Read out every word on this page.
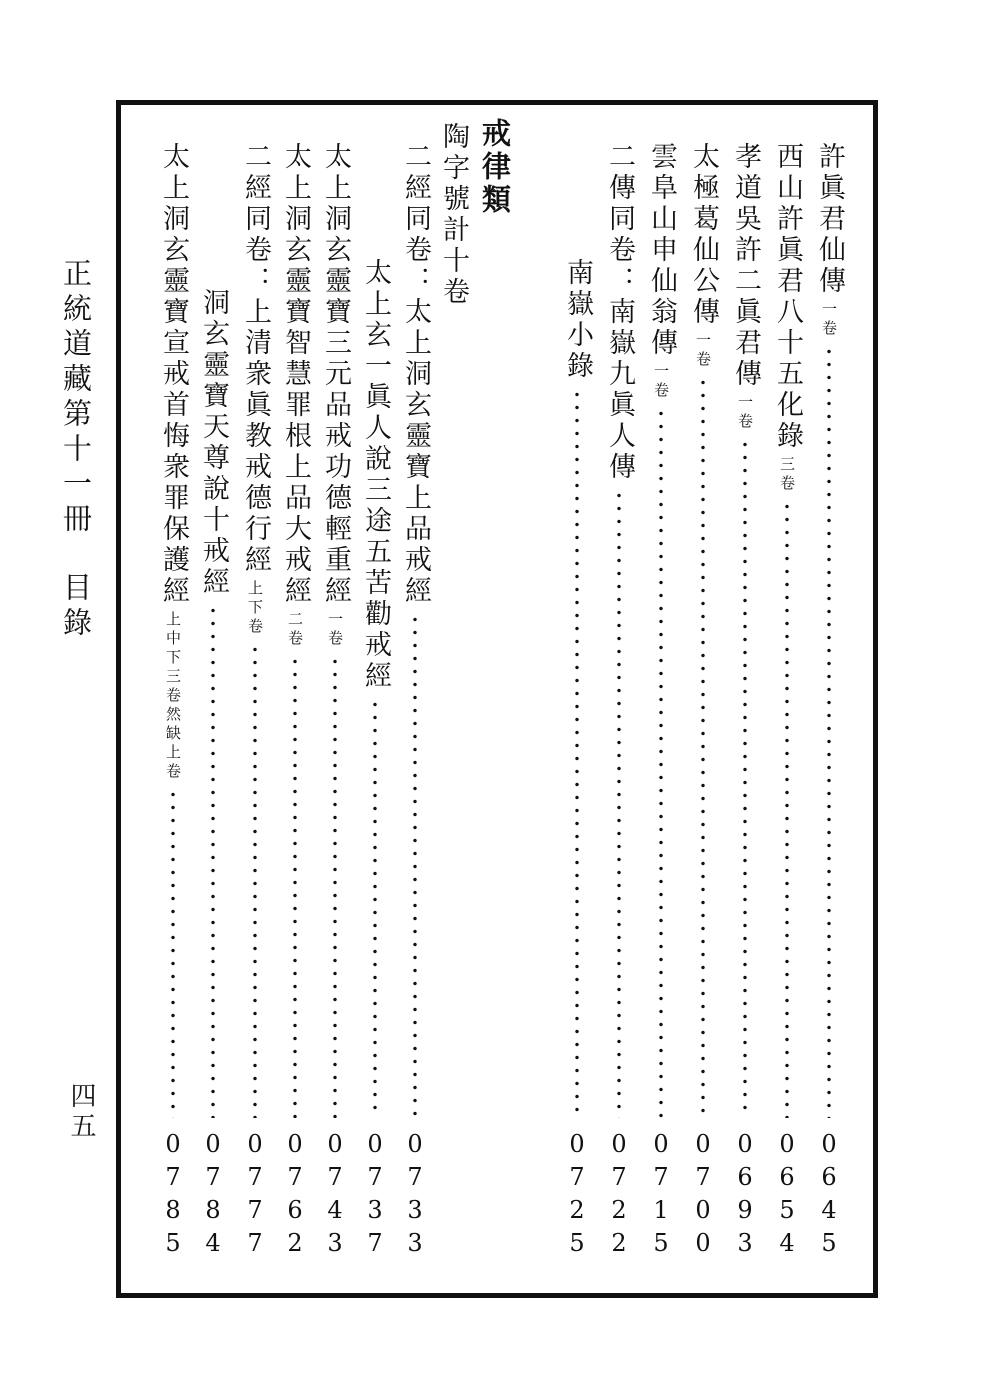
正統道藏第十一冊目錄
四五
許眞君仙傳
一卷
0
6
4
5
西山許眞君八十五化錄
三卷
0
6
5
4
孝道吳許二眞君傳
一卷
0
6
9
3
太極葛仙公傳
一卷
0
7
0
0
雲阜山申仙翁傳
一卷
0
7
1
5
二傳同卷：南嶽九眞人傳
0
7
2
2
南嶽小錄
0
7
2
5
戒律類
陶字號計十卷
二經同卷：太上洞玄靈寶上品戒經
0
7
3
3
太上玄一眞人說三途五苦勸戒經
0
7
3
7
太上洞玄靈寶三元品戒功德輕重經
一卷
0
7
4
3
太上洞玄靈寶智慧罪根上品大戒經
二卷
0
7
6
2
二經同卷：上清衆眞教戒德行經
上下卷
0
7
7
7
洞玄靈寶天尊說十戒經
0
7
8
4
太上洞玄靈寶宣戒首悔衆罪保護經
上中下三卷然缺上卷
0
7
8
5
